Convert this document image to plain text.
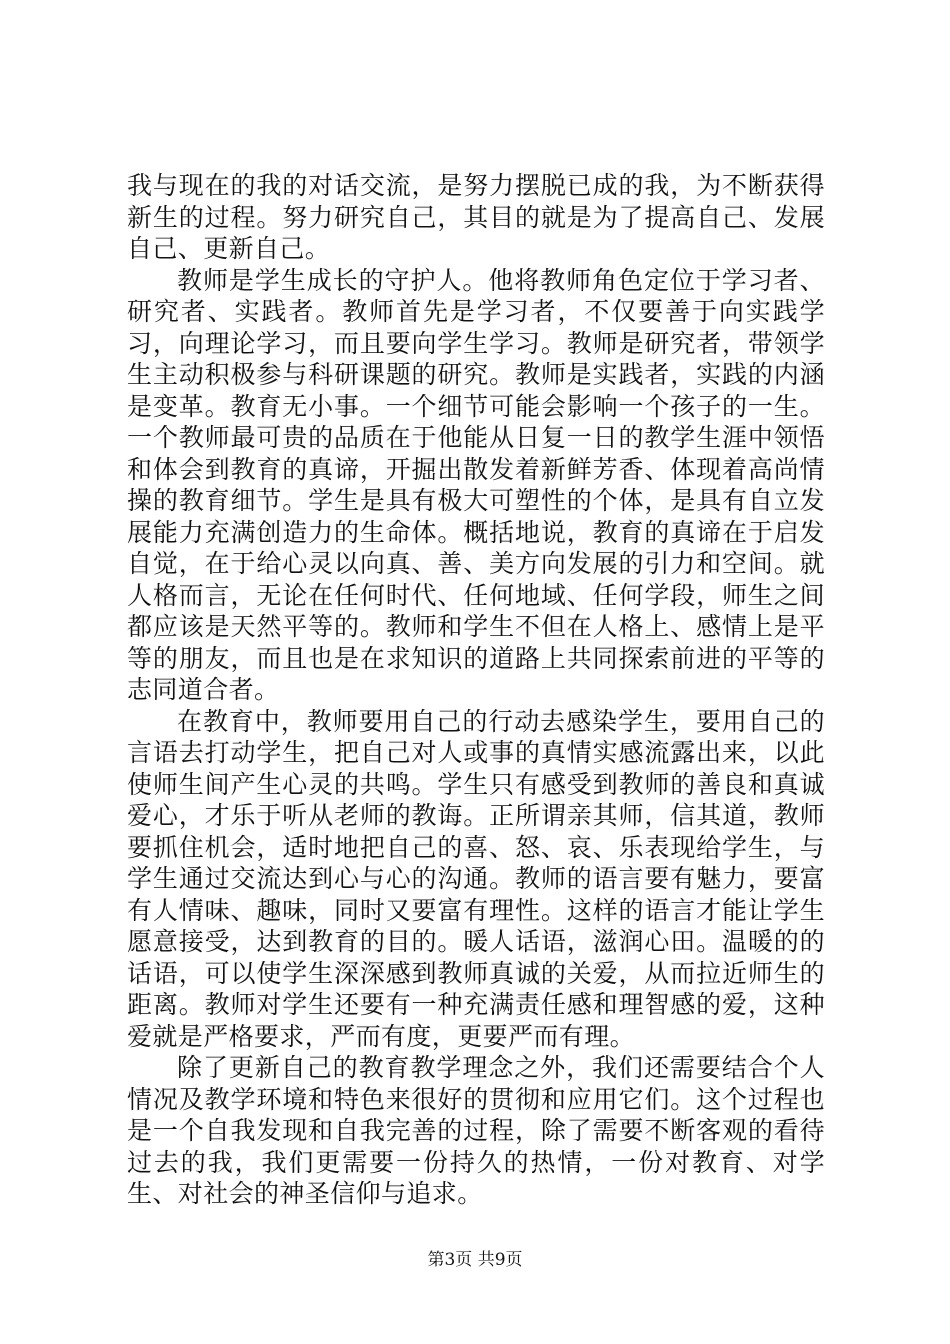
我与现在的我的对话交流，是努力摆脱已成的我，为不断获得新生的过程。努力研究自己，其目的就是为了提高自己、发展自己、更新自己。

教师是学生成长的守护人。他将教师角色定位于学习者、研究者、实践者。教师首先是学习者，不仅要善于向实践学习，向理论学习，而且要向学生学习。教师是研究者，带领学生主动积极参与科研课题的研究。教师是实践者，实践的内涵是变革。教育无小事。一个细节可能会影响一个孩子的一生。一个教师最可贵的品质在于他能从日复一日的教学生涯中领悟和体会到教育的真谛，开掘出散发着新鲜芳香、体现着高尚情操的教育细节。学生是具有极大可塑性的个体，是具有自立发展能力充满创造力的生命体。概括地说，教育的真谛在于启发自觉，在于给心灵以向真、善、美方向发展的引力和空间。就人格而言，无论在任何时代、任何地域、任何学段，师生之间都应该是天然平等的。教师和学生不但在人格上、感情上是平等的朋友，而且也是在求知识的道路上共同探索前进的平等的志同道合者。

在教育中，教师要用自己的行动去感染学生，要用自己的言语去打动学生，把自己对人或事的真情实感流露出来，以此使师生间产生心灵的共鸣。学生只有感受到教师的善良和真诚爱心，才乐于听从老师的教诲。正所谓亲其师，信其道，教师要抓住机会，适时地把自己的喜、怒、哀、乐表现给学生，与学生通过交流达到心与心的沟通。教师的语言要有魅力，要富有人情味、趣味，同时又要富有理性。这样的语言才能让学生愿意接受，达到教育的目的。暖人话语，滋润心田。温暖的的话语，可以使学生深深感到教师真诚的关爱，从而拉近师生的距离。教师对学生还要有一种充满责任感和理智感的爱，这种爱就是严格要求，严而有度，更要严而有理。

除了更新自己的教育教学理念之外，我们还需要结合个人情况及教学环境和特色来很好的贯彻和应用它们。这个过程也是一个自我发现和自我完善的过程，除了需要不断客观的看待过去的我，我们更需要一份持久的热情，一份对教育、对学生、对社会的神圣信仰与追求。

第3页 共9页
